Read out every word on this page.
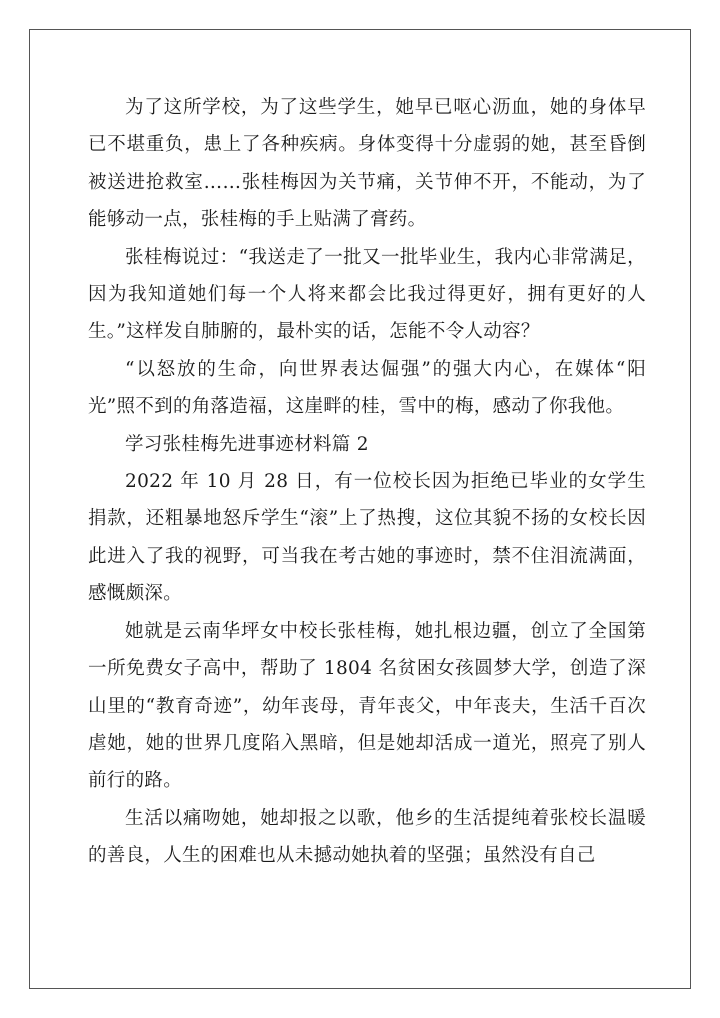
为了这所学校，为了这些学生，她早已呕心沥血，她的身体早已不堪重负，患上了各种疾病。身体变得十分虚弱的她，甚至昏倒被送进抢救室……张桂梅因为关节痛，关节伸不开，不能动，为了能够动一点，张桂梅的手上贴满了膏药。

张桂梅说过：“我送走了一批又一批毕业生，我内心非常满足，因为我知道她们每一个人将来都会比我过得更好，拥有更好的人生。”这样发自肺腑的，最朴实的话，怎能不令人动容？

“以怒放的生命，向世界表达倔强”的强大内心，在媒体“阳光”照不到的角落造福，这崖畔的桂，雪中的梅，感动了你我他。

学习张桂梅先进事迹材料篇 2

2022 年 10 月 28 日，有一位校长因为拒绝已毕业的女学生捐款，还粗暴地怒斥学生“滚”上了热搜，这位其貌不扬的女校长因此进入了我的视野，可当我在考古她的事迹时，禁不住泪流满面，感慨颇深。

她就是云南华坪女中校长张桂梅，她扎根边疆，创立了全国第一所免费女子高中，帮助了 1804 名贫困女孩圆梦大学，创造了深山里的“教育奇迹”，幼年丧母，青年丧父，中年丧夫，生活千百次虐她，她的世界几度陷入黑暗，但是她却活成一道光，照亮了别人前行的路。

生活以痛吻她，她却报之以歌，他乡的生活提纯着张校长温暖的善良，人生的困难也从未撼动她执着的坚强；虽然没有自己
